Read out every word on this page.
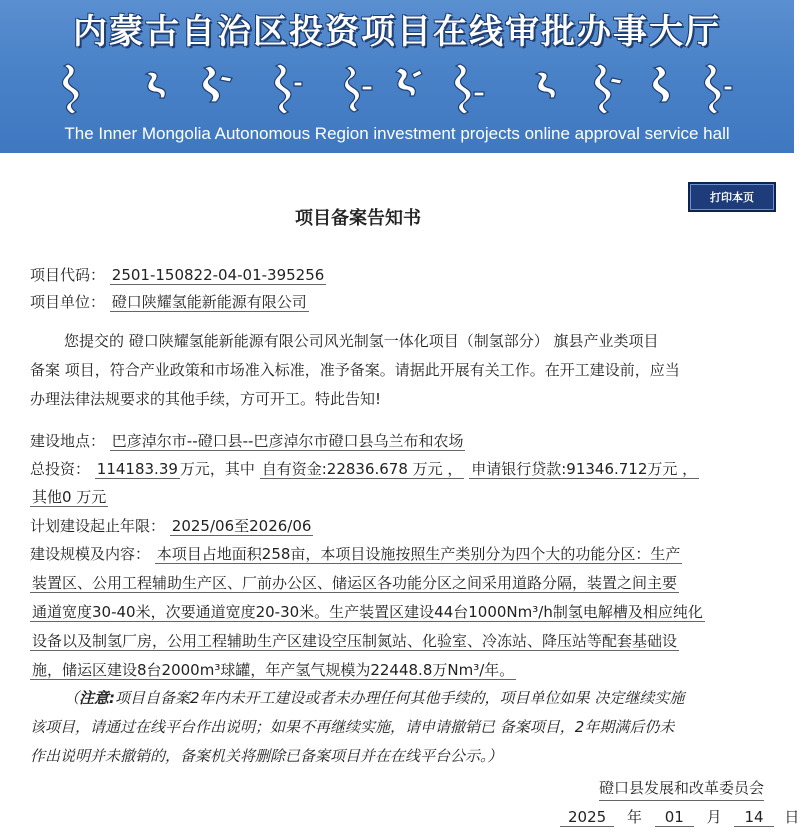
内蒙古自治区投资项目在线审批办事大厅
The Inner Mongolia Autonomous Region investment projects online approval service hall
打印本页
项目备案告知书
项目代码： 2501-150822-04-01-395256
项目单位： 磴口陕耀氢能新能源有限公司
您提交的 磴口陕耀氢能新能源有限公司风光制氢一体化项目（制氢部分） 旗县产业类项目
备案 项目，符合产业政策和市场准入标准，准予备案。请据此开展有关工作。在开工建设前，应当
办理法律法规要求的其他手续，方可开工。特此告知!
建设地点： 巴彦淖尔市--磴口县--巴彦淖尔市磴口县乌兰布和农场
总投资： 114183.39 万元，其中 自有资金:22836.678 万元 ， 申请银行贷款:91346.712万元 ，
其他0 万元
计划建设起止年限： 2025/06至2026/06
建设规模及内容： 本项目占地面积258亩，本项目设施按照生产类别分为四个大的功能分区：生产
装置区、公用工程辅助生产区、厂前办公区、储运区各功能分区之间采用道路分隔，装置之间主要
通道宽度30-40米，次要通道宽度20-30米。生产装置区建设44台1000Nm³/h制氢电解槽及相应纯化
设备以及制氢厂房，公用工程辅助生产区建设空压制氮站、化验室、冷冻站、降压站等配套基础设
施，储运区建设8台2000m³球罐，年产氢气规模为22448.8万Nm³/年。
（注意:项目自备案2年内未开工建设或者未办理任何其他手续的，项目单位如果 决定继续实施
该项目，请通过在线平台作出说明；如果不再继续实施，请申请撤销已 备案项目，2年期满后仍未
作出说明并未撤销的，备案机关将删除已备案项目并在在线平台公示。）
磴口县发展和改革委员会
2025 年 01 月 14 日
